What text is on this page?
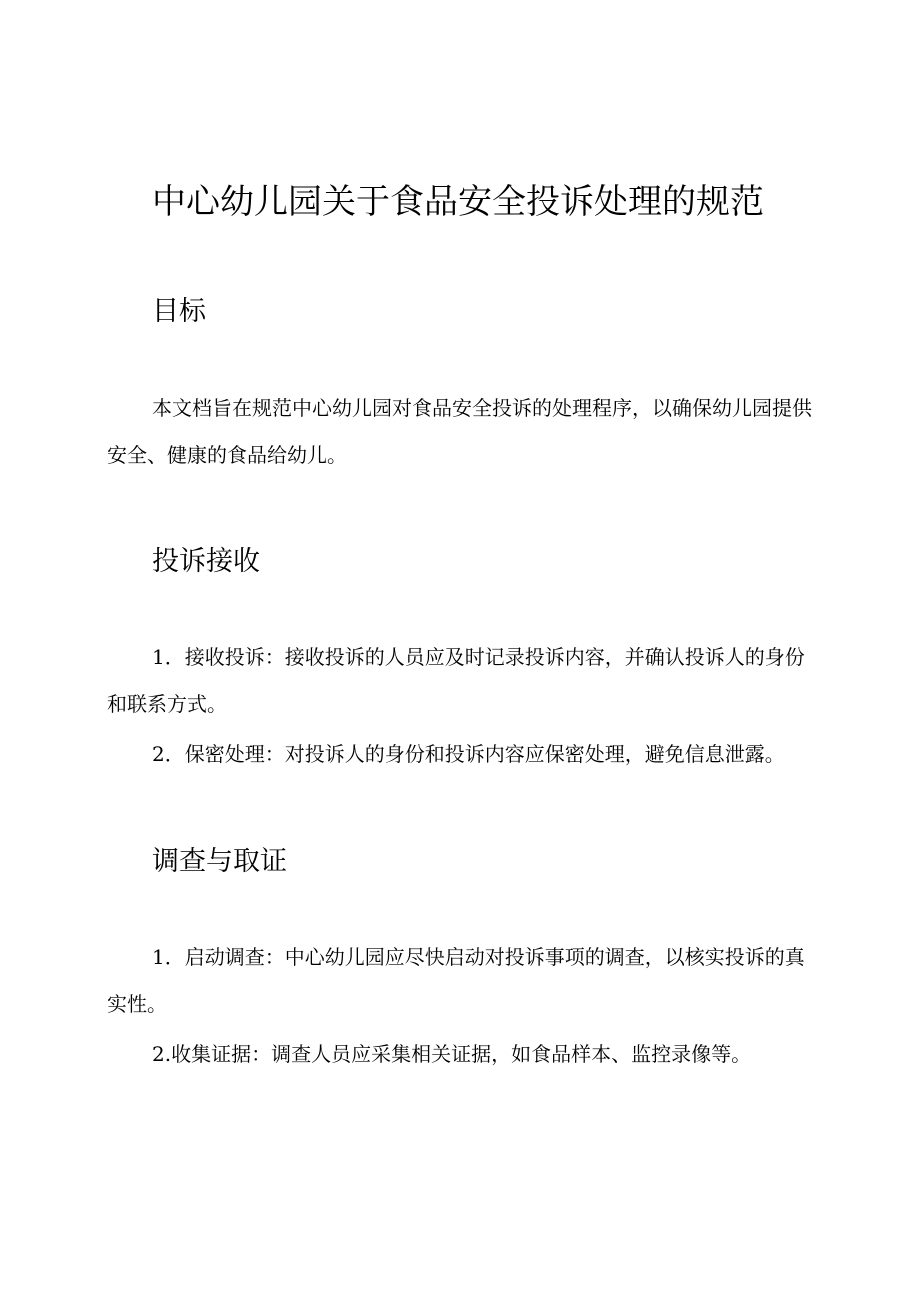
中心幼儿园关于食品安全投诉处理的规范
目标

本文档旨在规范中心幼儿园对食品安全投诉的处理程序，以确保幼儿园提供安全、健康的食品给幼儿。

投诉接收

1．接收投诉：接收投诉的人员应及时记录投诉内容，并确认投诉人的身份和联系方式。

2．保密处理：对投诉人的身份和投诉内容应保密处理，避免信息泄露。

调查与取证

1．启动调查：中心幼儿园应尽快启动对投诉事项的调查，以核实投诉的真实性。

2.收集证据：调查人员应采集相关证据，如食品样本、监控录像等。
